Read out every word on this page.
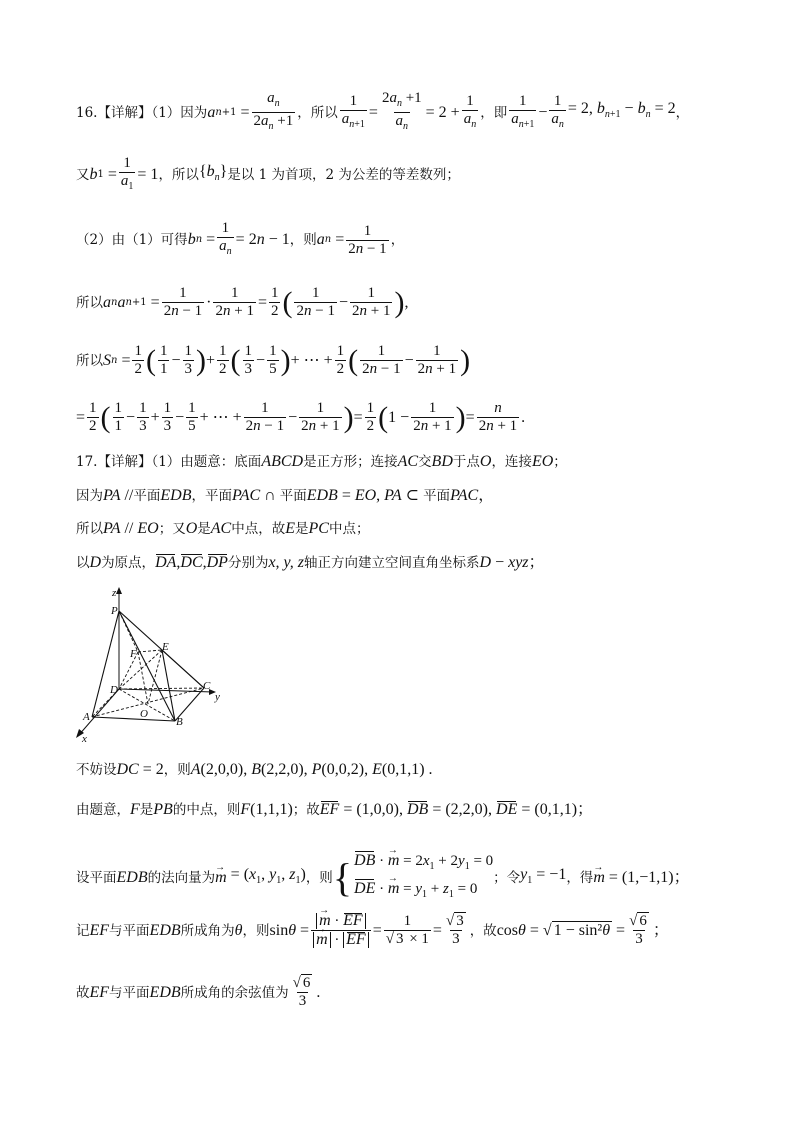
16.【详解】（1）因为 a $n +1 = \frac{a_n}{2a_n +1}$ ，所以 $\frac{1}{a_{n+1}} = \frac{2a_n +1}{a_n} = 2 + \frac{1}{a_n}$ ，即 $\frac{1}{a_{n+1}} - \frac{1}{a_n} = 2$, $b_{n+1} - b_n = 2$ ，
又 b $1 = \frac{1}{a_1} = 1$ ，所以 $\{b_n\}$ 是以 1 为首项，2 为公差的等差数列；
（2）由（1）可得 b $n = \frac{1}{a_n} = 2n - 1$ ，则 a $n = \frac{1}{2n - 1}$ ，
所以 a n a $n +1 = \frac{1}{2n - 1} \cdot \frac{1}{2n + 1} = \frac{1}{2}$ ( $\frac{1}{2n - 1} - \frac{1}{2n + 1}$ ) ,
所以 S $n = \frac{1}{2}$ ( $\frac{1}{1} - \frac{1}{3}$ ) + $\frac{1}{2}$ ( $\frac{1}{3} - \frac{1}{5}$ ) + ⋯ + $\frac{1}{2}$ ( $\frac{1}{2n - 1} - \frac{1}{2n + 1}$ )
= $\frac{1}{2}$ ( $\frac{1}{1} - \frac{1}{3} + \frac{1}{3} - \frac{1}{5}$ + ⋯ + $\frac{1}{2n - 1} - \frac{1}{2n + 1}$ ) = $\frac{1}{2}$ ( $1 - \frac{1}{2n + 1}$ ) = $\frac{n}{2n + 1}$ .
17.【详解】（1）由题意：底面 ABCD 是正方形；连接 AC 交 BD 于点 O ，连接 EO ；
因为 PA // 平面 EDB ，平面 PAC ∩ 平面 EDB = EO, PA ⊂ 平面 PAC ，
所以 PA // EO ；又 O 是 AC 中点，故 E 是 PC 中点；
以 D 为原点， DA , DC , DP 分别为 x, y, z 轴正方向建立空间直角坐标系 D − xyz；
P
E
F
D	C
O
A	B
x
y
z
不妨设 DC = 2 ，则 A(2,0,0), B(2,2,0), P(0,0,2), E(0,1,1) .
由题意， F 是 PB 的中点，则 F(1,1,1) ；故 EF = (1,0,0), DB = (2,2,0), DE = (0,1,1)；
设平面 EDB 的法向量为 → $m = (x_1$, $y_1$, $z_1$) ，则 { DB · → $m = 2x_1 + 2y_1 = 0$
DE · → $m = y_1 + z_1 = 0$
；令 $y_1 = -1$ ，得 → m = (1,−1,1)；
记 EF 与平面 EDB 所成角为 θ ，则 sinθ = → m · EF
→ m · EF = $\frac{1}{√ 3 \times 1} = \frac{√ 3}{3}$ ，故 cosθ = √ $1 - \sin^2\theta = \frac{√ 6}{3}$ ；
故 EF 与平面 EDB 所成角的余弦值为 $\frac{√ 6}{3}$ .
